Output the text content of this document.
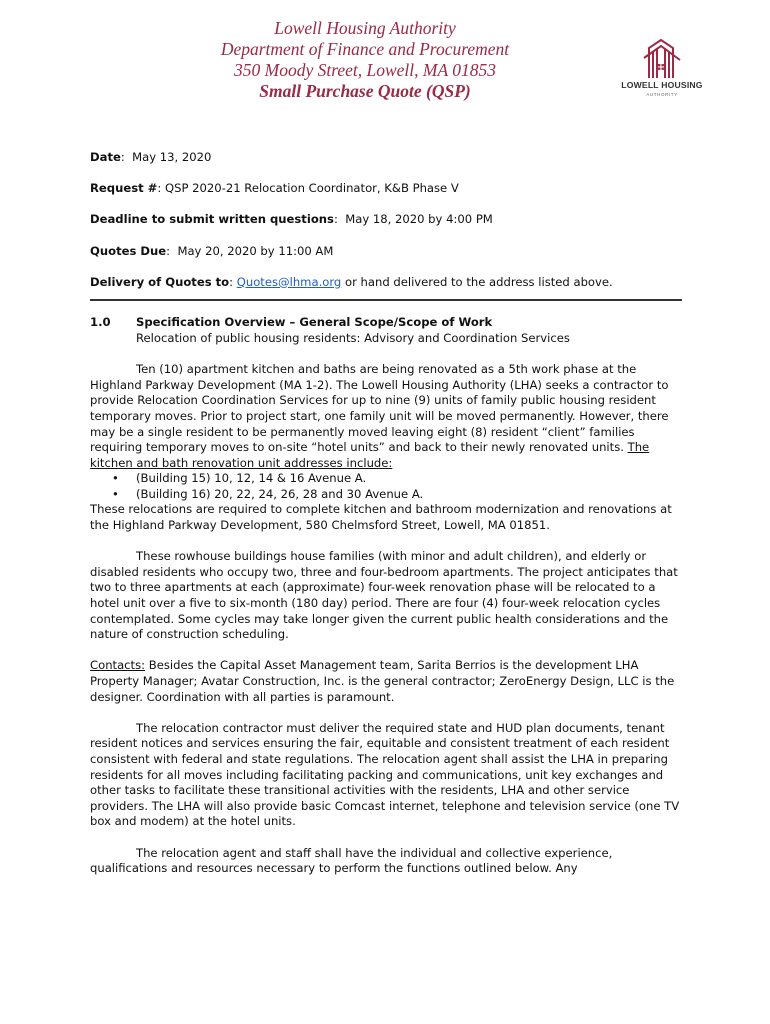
Lowell Housing Authority
Department of Finance and Procurement
350 Moody Street, Lowell, MA 01853
Small Purchase Quote (QSP)	LOWELL HOUSING
AUTHORITY
Date:  May 13, 2020
Request #: QSP 2020-21 Relocation Coordinator, K&B Phase V
Deadline to submit written questions:  May 18, 2020 by 4:00 PM
Quotes Due:  May 20, 2020 by 11:00 AM
Delivery of Quotes to: Quotes@lhma.org or hand delivered to the address listed above.
1.0	Specification Overview – General Scope/Scope of Work
Relocation of public housing residents: Advisory and Coordination Services

Ten (10) apartment kitchen and baths are being renovated as a 5th work phase at the Highland Parkway Development (MA 1-2). The Lowell Housing Authority (LHA) seeks a contractor to provide Relocation Coordination Services for up to nine (9) units of family public housing resident temporary moves. Prior to project start, one family unit will be moved permanently. However, there may be a single resident to be permanently moved leaving eight (8) resident “client” families requiring temporary moves to on-site “hotel units” and back to their newly renovated units. The kitchen and bath renovation unit addresses include:

• (Building 15) 10, 12, 14 & 16 Avenue A.
• (Building 16) 20, 22, 24, 26, 28 and 30 Avenue A.

These relocations are required to complete kitchen and bathroom modernization and renovations at the Highland Parkway Development, 580 Chelmsford Street, Lowell, MA 01851.

These rowhouse buildings house families (with minor and adult children), and elderly or disabled residents who occupy two, three and four-bedroom apartments. The project anticipates that two to three apartments at each (approximate) four-week renovation phase will be relocated to a hotel unit over a five to six-month (180 day) period. There are four (4) four-week relocation cycles contemplated. Some cycles may take longer given the current public health considerations and the nature of construction scheduling.

Contacts: Besides the Capital Asset Management team, Sarita Berrios is the development LHA Property Manager; Avatar Construction, Inc. is the general contractor; ZeroEnergy Design, LLC is the designer. Coordination with all parties is paramount.

The relocation contractor must deliver the required state and HUD plan documents, tenant resident notices and services ensuring the fair, equitable and consistent treatment of each resident consistent with federal and state regulations. The relocation agent shall assist the LHA in preparing residents for all moves including facilitating packing and communications, unit key exchanges and other tasks to facilitate these transitional activities with the residents, LHA and other service providers. The LHA will also provide basic Comcast internet, telephone and television service (one TV box and modem) at the hotel units.

The relocation agent and staff shall have the individual and collective experience, qualifications and resources necessary to perform the functions outlined below. Any
